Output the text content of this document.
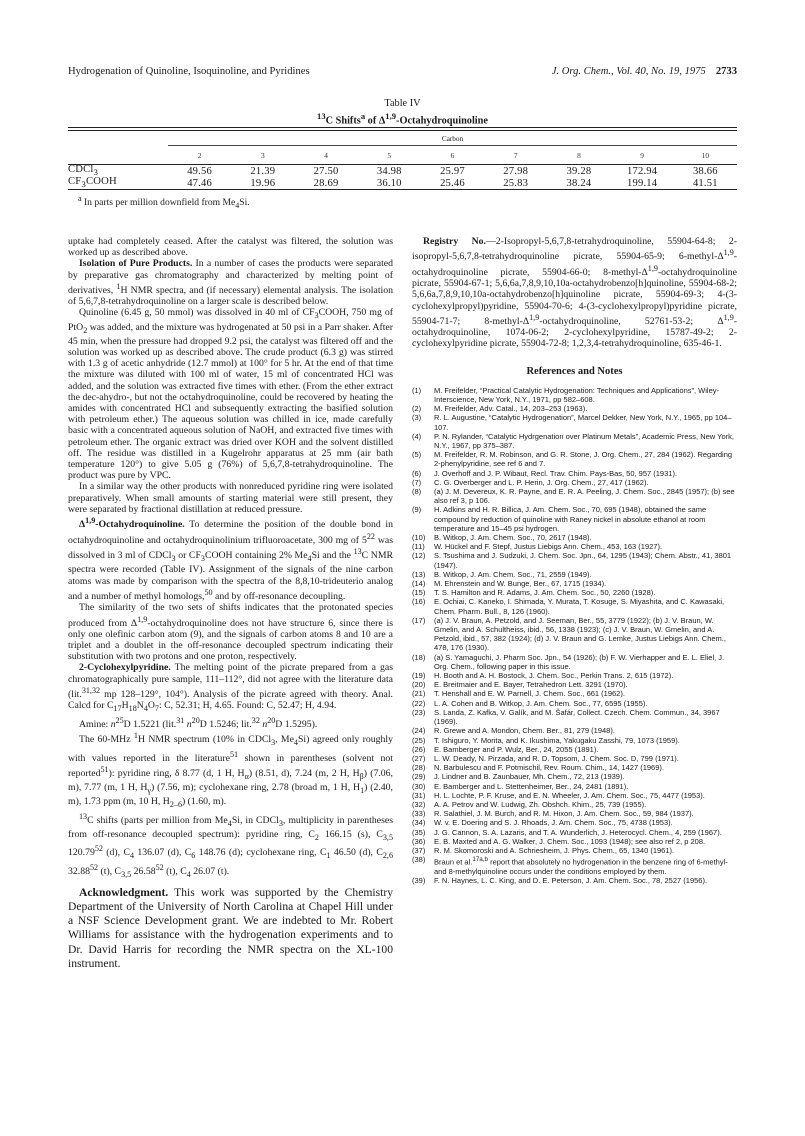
Hydrogenation of Quinoline, Isoquinoline, and Pyridines	J. Org. Chem., Vol. 40, No. 19, 1975 2733
Table IV
$^{13}$C Shifts$^a$ of Δ$^{1,9}$-Octahydroquinoline
Carbon
2	3	4	5	6	7	8	9	10
CDCl$_3$	49.56	21.39	27.50	34.98	25.97	27.98	39.28	172.94	38.66
$CF_3COOH$	47.46	19.96	28.69	36.10	25.46	25.83	38.24	199.14	41.51
$^a$ In parts per million downfield from $Me_4Si$.

uptake had completely ceased. After the catalyst was filtered, the solution was worked up as described above.

Isolation of Pure Products. In a number of cases the products were separated by preparative gas chromatography and characterized by melting point of derivatives, $^1$H NMR spectra, and (if necessary) elemental analysis. The isolation of 5,6,7,8-tetrahydroquinoline on a larger scale is described below.

Quinoline (6.45 g, 50 mmol) was dissolved in 40 ml of $CF_3COOH$, 750 mg of PtO$_2$ was added, and the mixture was hydrogenated at 50 psi in a Parr shaker. After 45 min, when the pressure had dropped 9.2 psi, the catalyst was filtered off and the solution was worked up as described above. The crude product (6.3 g) was stirred with 1.3 g of acetic anhydride (12.7 mmol) at 100° for 5 hr. At the end of that time the mixture was diluted with 100 ml of water, 15 ml of concentrated HCl was added, and the solution was extracted five times with ether. (From the ether extract the dec-ahydro-, but not the octahydroquinoline, could be recovered by heating the amides with concentrated HCl and subsequently extracting the basified solution with petroleum ether.) The aqueous solution was chilled in ice, made carefully basic with a concentrated aqueous solution of NaOH, and extracted five times with petroleum ether. The organic extract was dried over KOH and the solvent distilled off. The residue was distilled in a Kugelrohr apparatus at 25 mm (air bath temperature 120°) to give 5.05 g (76%) of 5,6,7,8-tetrahydroquinoline. The product was pure by VPC.

In a similar way the other products with nonreduced pyridine ring were isolated preparatively. When small amounts of starting material were still present, they were separated by fractional distillation at reduced pressure.

Δ$^{1,9}$-Octahydroquinoline. To determine the position of the double bond in octahydroquinoline and octahydroquinolinium trifluoroacetate, 300 mg of $5^{22}$ was dissolved in 3 ml of CDCl$_3$ or $CF_3COOH$ containing 2% $Me_4Si$ and the $^{13}$C NMR spectra were recorded (Table IV). Assignment of the signals of the nine carbon atoms was made by comparison with the spectra of the 8,8,10-trideuterio analog and a number of methyl homologs,$^{50}$ and by off-resonance decoupling.

The similarity of the two sets of shifts indicates that the protonated species produced from Δ$^{1,9}$-octahydroquinoline does not have structure 6, since there is only one olefinic carbon atom (9), and the signals of carbon atoms 8 and 10 are a triplet and a doublet in the off-resonance decoupled spectrum indicating their substitution with two protons and one proton, respectively.

2-Cyclohexylpyridine. The melting point of the picrate prepared from a gas chromatographically pure sample, 111–112°, did not agree with the literature data (lit.$^{31,32}$ mp 128–129°, 104°). Analysis of the picrate agreed with theory. Anal. Calcd for $C_{17}H_{18}N_4O_7$: C, 52.31; H, 4.65. Found: C, 52.47; H, 4.94.

Amine: $n^{25}D$ 1.5221 (lit.$^{31}$ $n^{20}D$ 1.5246; lit.$^{32}$ $n^{20}D$ 1.5295).

The 60-MHz $^1$H NMR spectrum (10% in CDCl$_3$, $Me_4Si$) agreed only roughly with values reported in the literature$^{51}$ shown in parentheses (solvent not reported$^{51}$): pyridine ring, δ 8.77 (d, 1 H, $H_\alpha$) (8.51, d), 7.24 (m, 2 H, $H_\beta$) (7.06, m), 7.77 (m, 1 H, $H_\gamma$) (7.56, m); cyclohexane ring, 2.78 (broad m, 1 H, $H_1$) (2.40, m), 1.73 ppm (m, 10 H, $H_{2-6}$) (1.60, m).

$^{13}$C shifts (parts per million from $Me_4Si$, in CDCl$_3$, multiplicity in parentheses from off-resonance decoupled spectrum): pyridine ring, $C_2$ 166.15 (s), $C_{3,5}$ 120.79$^{52}$ (d), $C_4$ 136.07 (d), $C_6$ 148.76 (d); cyclohexane ring, $C_1$ 46.50 (d), $C_{2,6}$ 32.88$^{52}$ (t), $C_{3,5}$ 26.58$^{52}$ (t), $C_4$ 26.07 (t).

Acknowledgment. This work was supported by the Chemistry Department of the University of North Carolina at Chapel Hill under a NSF Science Development grant. We are indebted to Mr. Robert Williams for assistance with the hydrogenation experiments and to Dr. David Harris for recording the NMR spectra on the XL-100 instrument.

Registry No.—2-Isopropyl-5,6,7,8-tetrahydroquinoline, 55904-64-8; 2-isopropyl-5,6,7,8-tetrahydroquinoline picrate, 55904-65-9; $6-methyl-\Delta^{1,9}$-octahydroquinoline picrate, 55904-66-0; $8-methyl-\Delta^{1,9}$-octahydroquinoline picrate, 55904-67-1; 5,6,6a,7,8,9,10,10a-octahydrobenzo[h]quinoline, 55904-68-2; 5,6,6a,7,8,9,10,10a-octahydrobenzo[h]quinoline picrate, 55904-69-3; 4-(3-cyclohexylpropyl)pyridine, 55904-70-6; 4-(3-cyclohexylpropyl)pyridine picrate, 55904-71-7; $8-methyl-\Delta^{1,9}$-octahydroquinoline, 52761-53-2; Δ$^{1,9}$-octahydroquinoline, 1074-06-2; 2-cyclohexylpyridine, 15787-49-2; 2-cyclohexylpyridine picrate, 55904-72-8; 1,2,3,4-tetrahydroquinoline, 635-46-1.

References and Notes
(1)	M. Freifelder, “Practical Catalytic Hydrogenation: Techniques and Applications”, Wiley-Interscience, New York, N.Y., 1971, pp 582–608.
(2)	M. Freifelder, Adv. Catal., 14, 203–253 (1963).
(3)	R. L. Augustine, “Catalytic Hydrogenation”, Marcel Dekker, New York, N.Y., 1965, pp 104–107.
(4)	P. N. Rylander, “Catalytic Hydrgenation over Platinum Metals”, Academic Press, New York, N.Y., 1967, pp 375–387.
(5)	M. Freifelder, R. M. Robinson, and G. R. Stone, J. Org. Chem., 27, 284 (1962). Regarding 2-phenylpyridine, see ref 6 and 7.
(6)	J. Overhoff and J. P. Wibaut, Recl. Trav. Chim. Pays-Bas, 50, 957 (1931).
(7)	C. G. Overberger and L. P. Herin, J. Org. Chem., 27, 417 (1962).
(8)	(a) J. M. Devereux, K. R. Payne, and E. R. A. Peeling, J. Chem. Soc., 2845 (1957); (b) see also ref 3, p 106.
(9)	H. Adkins and H. R. Billica, J. Am. Chem. Soc., 70, 695 (1948), obtained the same compound by reduction of quinoline with Raney nickel in absolute ethanol at room temperature and 15–45 psi hydrogen.
(10)	B. Witkop, J. Am. Chem. Soc., 70, 2617 (1948).
(11)	W. Hückel and F. Stepf, Justus Liebigs Ann. Chem., 453, 163 (1927).
(12)	S. Tsushima and J. Sudzuki, J. Chem. Soc. Jpn., 64, 1295 (1943); Chem. Abstr., 41, 3801 (1947).
(13)	B. Witkop, J. Am. Chem. Soc., 71, 2559 (1949).
(14)	M. Ehrenstein and W. Bunge, Ber., 67, 1715 (1934).
(15)	T. S. Hamilton and R. Adams, J. Am. Chem. Soc., 50, 2260 (1928).
(16)	E. Ochiai, C. Kaneko, I. Shimada, Y. Murata, T. Kosuge, S. Miyashita, and C. Kawasaki, Chem. Pharm. Bull., 8, 126 (1960).
(17)	(a) J. V. Braun, A. Petzold, and J. Seeman, Ber., 55, 3779 (1922); (b) J. V. Braun, W. Gmelin, and A. Schultheiss, ibid., 56, 1338 (1923); (c) J. V. Braun, W. Gmelin, and A. Petzold, ibid., 57, 382 (1924); (d) J. V. Braun and G. Lemke, Justus Liebigs Ann. Chem., 478, 176 (1930).
(18)	(a) S. Yamaguchi, J. Pharm Soc. Jpn., 54 (1926); (b) F. W. Vierhapper and E. L. Eliel, J. Org. Chem., following paper in this issue.
(19)	H. Booth and A. H. Bostock, J. Chem. Soc., Perkin Trans. 2, 615 (1972).
(20)	E. Breitmaier and E. Bayer, Tetrahedron Lett. 3291 (1970).
(21)	T. Henshall and E. W. Parnell, J. Chem. Soc., 661 (1962).
(22)	L. A. Cohen and B. Witkop, J. Am. Chem. Soc., 77, 6595 (1955).
(23)	S. Landa, Z. Kafka, V. Galík, and M. Šafár, Collect. Czech. Chem. Commun., 34, 3967 (1969).
(24)	R. Grewe and A. Mondon, Chem. Ber., 81, 279 (1948).
(25)	T. Ishiguro, Y. Morita, and K. Ikushima, Yakugaku Zasshi, 79, 1073 (1959).
(26)	E. Bamberger and P. Wulz, Ber., 24, 2055 (1891).
(27)	L. W. Deady, N. Pirzada, and R. D. Topsom, J. Chem. Soc. D, 799 (1971).
(28)	N. Barbulescu and F. Potmischil, Rev. Roum. Chim., 14, 1427 (1969).
(29)	J. Lindner and B. Zaunbauer, Mh. Chem., 72, 213 (1939).
(30)	E. Bamberger and L. Stettenheimer, Ber., 24, 2481 (1891).
(31)	H. L. Lochte, P. F. Kruse, and E. N. Wheeler, J. Am. Chem. Soc., 75, 4477 (1953).
(32)	A. A. Petrov and W. Ludwig, Zh. Obshch. Khim., 25, 739 (1955).
(33)	R. Salathiel, J. M. Burch, and R. M. Hixon, J. Am. Chem. Soc., 59, 984 (1937).
(34)	W. v. E. Doering and S. J. Rhoads, J. Am. Chem. Soc., 75, 4738 (1953).
(35)	J. G. Cannon, S. A. Lazaris, and T. A. Wunderlich, J. Heterocycl. Chem., 4, 259 (1967).
(36)	E. B. Maxted and A. G. Walker, J. Chem. Soc., 1093 (1948); see also ref 2, p 208.
(37)	R. M. Skomoroski and A. Schriesheim, J. Phys. Chem., 65, 1340 (1961).
(38)	Braun et al.$^{17a,b}$ report that absolutely no hydrogenation in the benzene ring of 6-methyl- and 8-methylquinoline occurs under the conditions employed by them.
(39)	F. N. Haynes, L. C. King, and D. E. Peterson, J. Am. Chem. Soc., 78, 2527 (1956).
